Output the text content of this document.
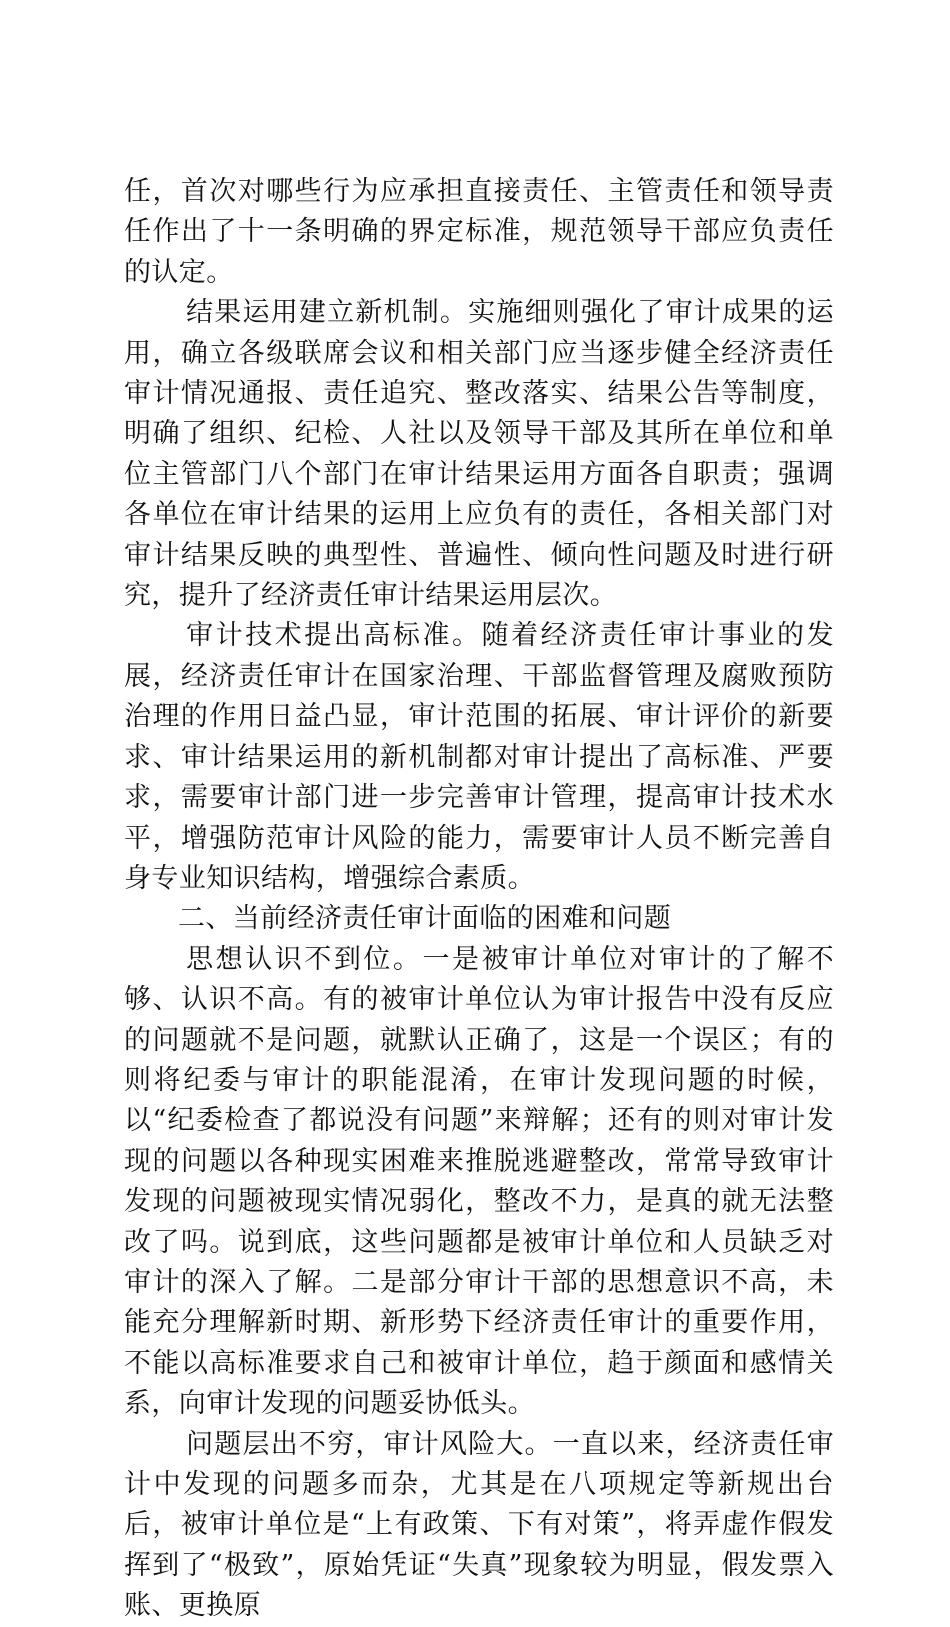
任，首次对哪些行为应承担直接责任、主管责任和领导责任作出了十一条明确的界定标准，规范领导干部应负责任的认定。

结果运用建立新机制。实施细则强化了审计成果的运用，确立各级联席会议和相关部门应当逐步健全经济责任审计情况通报、责任追究、整改落实、结果公告等制度，明确了组织、纪检、人社以及领导干部及其所在单位和单位主管部门八个部门在审计结果运用方面各自职责；强调各单位在审计结果的运用上应负有的责任，各相关部门对审计结果反映的典型性、普遍性、倾向性问题及时进行研究，提升了经济责任审计结果运用层次。

审计技术提出高标准。随着经济责任审计事业的发展，经济责任审计在国家治理、干部监督管理及腐败预防治理的作用日益凸显，审计范围的拓展、审计评价的新要求、审计结果运用的新机制都对审计提出了高标准、严要求，需要审计部门进一步完善审计管理，提高审计技术水平，增强防范审计风险的能力，需要审计人员不断完善自身专业知识结构，增强综合素质。

二、当前经济责任审计面临的困难和问题

思想认识不到位。一是被审计单位对审计的了解不够、认识不高。有的被审计单位认为审计报告中没有反应的问题就不是问题，就默认正确了，这是一个误区；有的则将纪委与审计的职能混淆，在审计发现问题的时候，以“纪委检查了都说没有问题”来辩解；还有的则对审计发现的问题以各种现实困难来推脱逃避整改，常常导致审计发现的问题被现实情况弱化，整改不力，是真的就无法整改了吗。说到底，这些问题都是被审计单位和人员缺乏对审计的深入了解。二是部分审计干部的思想意识不高，未能充分理解新时期、新形势下经济责任审计的重要作用，不能以高标准要求自己和被审计单位，趋于颜面和感情关系，向审计发现的问题妥协低头。

问题层出不穷，审计风险大。一直以来，经济责任审计中发现的问题多而杂，尤其是在八项规定等新规出台后，被审计单位是“上有政策、下有对策”，将弄虚作假发挥到了“极致”，原始凭证“失真”现象较为明显，假发票入账、更换原
